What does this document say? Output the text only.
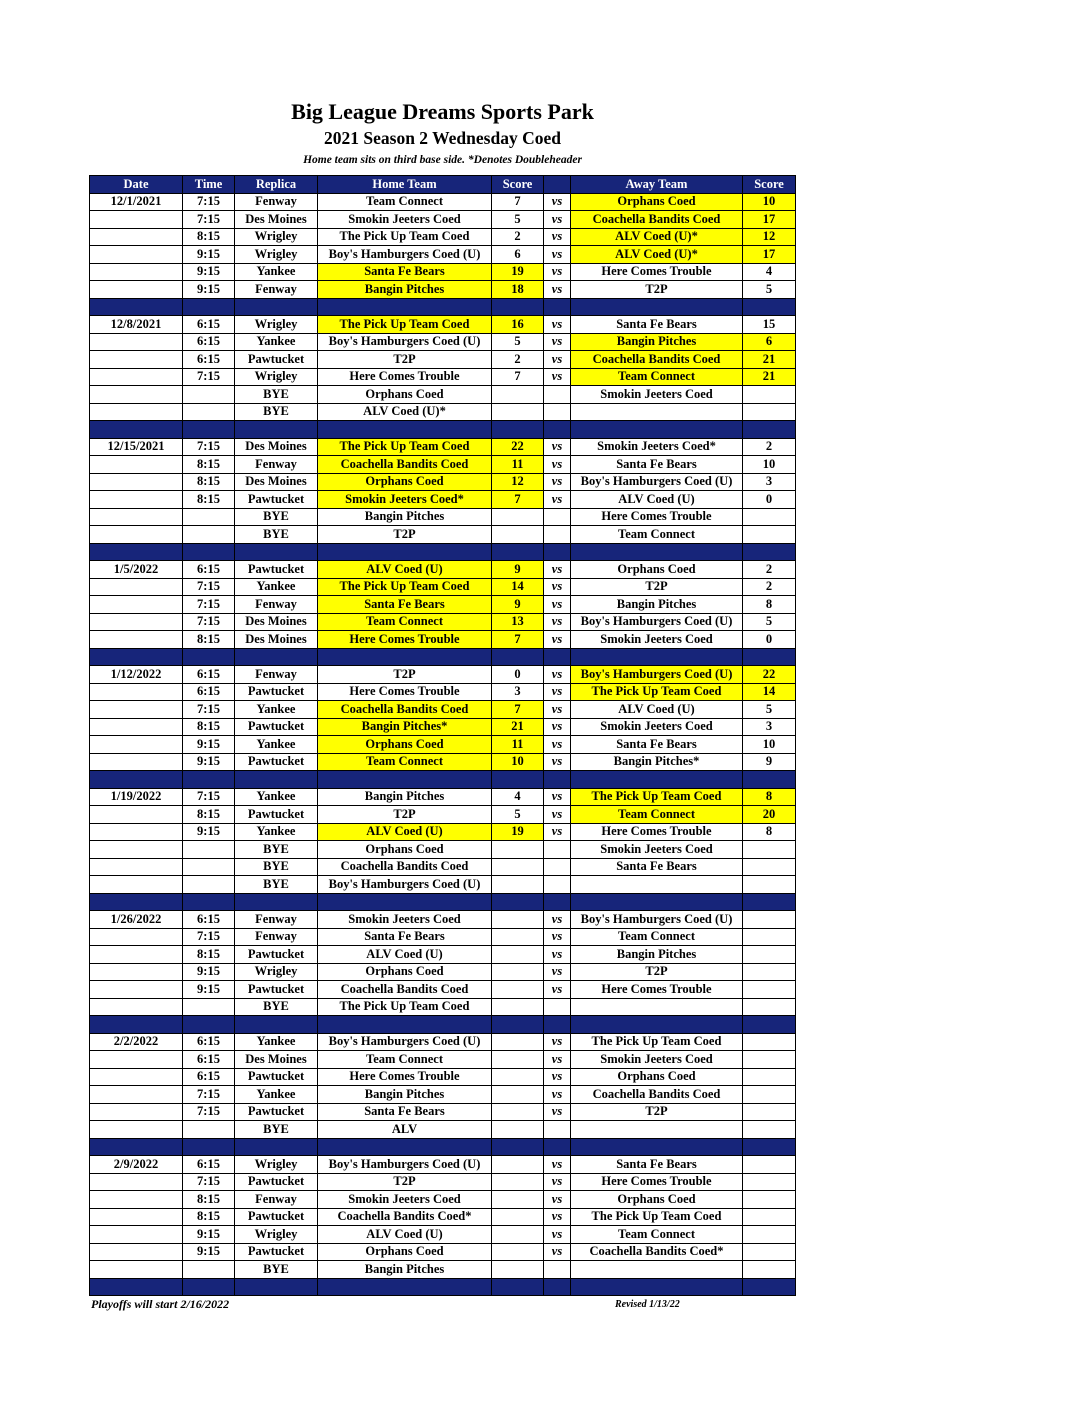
Big League Dreams Sports Park
2021 Season 2 Wednesday Coed
Home team sits on third base side. *Denotes Doubleheader
Date	Time	Replica	Home Team	Score		Away Team	Score
12/1/2021	7:15	Fenway	Team Connect	7	vs	Orphans Coed	10
	7:15	Des Moines	Smokin Jeeters Coed	5	vs	Coachella Bandits Coed	17
	8:15	Wrigley	The Pick Up Team Coed	2	vs	ALV Coed (U)*	12
	9:15	Wrigley	Boy's Hamburgers Coed (U)	6	vs	ALV Coed (U)*	17
	9:15	Yankee	Santa Fe Bears	19	vs	Here Comes Trouble	4
	9:15	Fenway	Bangin Pitches	18	vs	T2P	5

12/8/2021	6:15	Wrigley	The Pick Up Team Coed	16	vs	Santa Fe Bears	15
	6:15	Yankee	Boy's Hamburgers Coed (U)	5	vs	Bangin Pitches	6
	6:15	Pawtucket	T2P	2	vs	Coachella Bandits Coed	21
	7:15	Wrigley	Here Comes Trouble	7	vs	Team Connect	21
		BYE	Orphans Coed			Smokin Jeeters Coed	
		BYE	ALV Coed (U)*				

12/15/2021	7:15	Des Moines	The Pick Up Team Coed	22	vs	Smokin Jeeters Coed*	2
	8:15	Fenway	Coachella Bandits Coed	11	vs	Santa Fe Bears	10
	8:15	Des Moines	Orphans Coed	12	vs	Boy's Hamburgers Coed (U)	3
	8:15	Pawtucket	Smokin Jeeters Coed*	7	vs	ALV Coed (U)	0
		BYE	Bangin Pitches			Here Comes Trouble	
		BYE	T2P			Team Connect	

1/5/2022	6:15	Pawtucket	ALV Coed (U)	9	vs	Orphans Coed	2
	7:15	Yankee	The Pick Up Team Coed	14	vs	T2P	2
	7:15	Fenway	Santa Fe Bears	9	vs	Bangin Pitches	8
	7:15	Des Moines	Team Connect	13	vs	Boy's Hamburgers Coed (U)	5
	8:15	Des Moines	Here Comes Trouble	7	vs	Smokin Jeeters Coed	0

1/12/2022	6:15	Fenway	T2P	0	vs	Boy's Hamburgers Coed (U)	22
	6:15	Pawtucket	Here Comes Trouble	3	vs	The Pick Up Team Coed	14
	7:15	Yankee	Coachella Bandits Coed	7	vs	ALV Coed (U)	5
	8:15	Pawtucket	Bangin Pitches*	21	vs	Smokin Jeeters Coed	3
	9:15	Yankee	Orphans Coed	11	vs	Santa Fe Bears	10
	9:15	Pawtucket	Team Connect	10	vs	Bangin Pitches*	9

1/19/2022	7:15	Yankee	Bangin Pitches	4	vs	The Pick Up Team Coed	8
	8:15	Pawtucket	T2P	5	vs	Team Connect	20
	9:15	Yankee	ALV Coed (U)	19	vs	Here Comes Trouble	8
		BYE	Orphans Coed			Smokin Jeeters Coed	
		BYE	Coachella Bandits Coed			Santa Fe Bears	
		BYE	Boy's Hamburgers Coed (U)				

1/26/2022	6:15	Fenway	Smokin Jeeters Coed		vs	Boy's Hamburgers Coed (U)	
	7:15	Fenway	Santa Fe Bears		vs	Team Connect	
	8:15	Pawtucket	ALV Coed (U)		vs	Bangin Pitches	
	9:15	Wrigley	Orphans Coed		vs	T2P	
	9:15	Pawtucket	Coachella Bandits Coed		vs	Here Comes Trouble	
		BYE	The Pick Up Team Coed				

2/2/2022	6:15	Yankee	Boy's Hamburgers Coed (U)		vs	The Pick Up Team Coed	
	6:15	Des Moines	Team Connect		vs	Smokin Jeeters Coed	
	6:15	Pawtucket	Here Comes Trouble		vs	Orphans Coed	
	7:15	Yankee	Bangin Pitches		vs	Coachella Bandits Coed	
	7:15	Pawtucket	Santa Fe Bears		vs	T2P	
		BYE	ALV				

2/9/2022	6:15	Wrigley	Boy's Hamburgers Coed (U)		vs	Santa Fe Bears	
	7:15	Pawtucket	T2P		vs	Here Comes Trouble	
	8:15	Fenway	Smokin Jeeters Coed		vs	Orphans Coed	
	8:15	Pawtucket	Coachella Bandits Coed*		vs	The Pick Up Team Coed	
	9:15	Wrigley	ALV Coed (U)		vs	Team Connect	
	9:15	Pawtucket	Orphans Coed		vs	Coachella Bandits Coed*	
		BYE	Bangin Pitches				

Playoffs will start 2/16/2022	Revised 1/13/22
